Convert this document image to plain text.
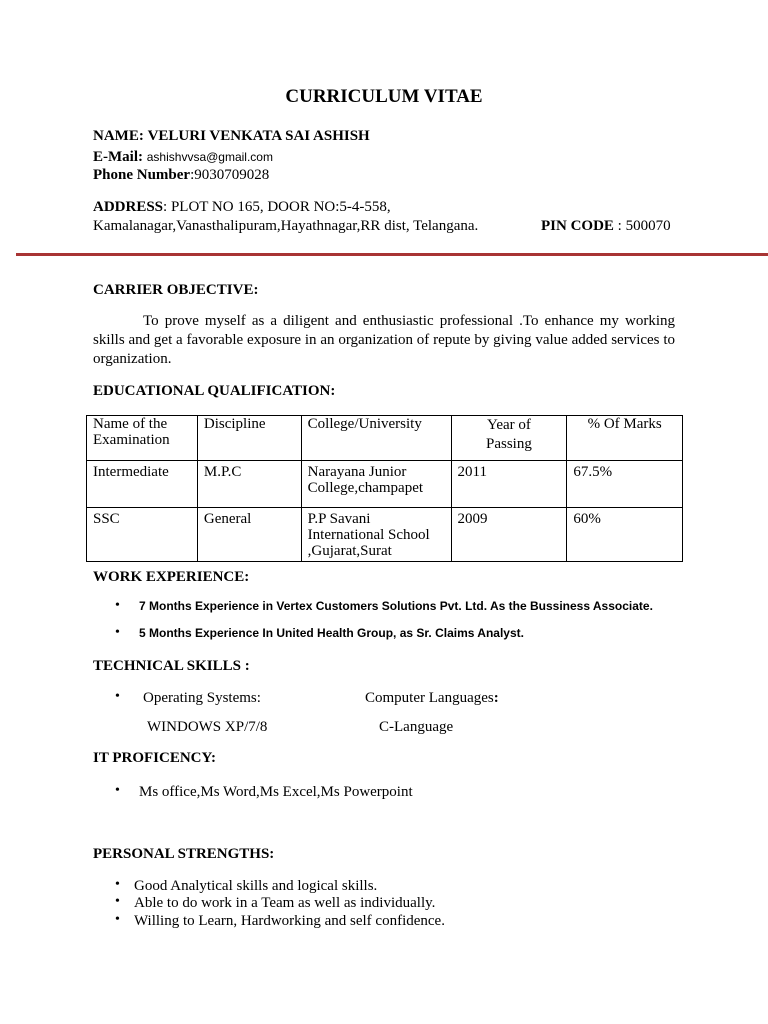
CURRICULUM VITAE
NAME: VELURI VENKATA SAI ASHISH
E-Mail: ashishvvsa@gmail.com
Phone Number:9030709028
ADDRESS: PLOT NO 165, DOOR NO:5-4-558,
Kamalanagar,Vanasthalipuram,Hayathnagar,RR dist, Telangana.	PIN CODE : 500070
CARRIER OBJECTIVE:
To prove myself as a diligent and enthusiastic professional .To enhance my working skills and get a favorable exposure in an organization of repute by giving value added services to organization.
EDUCATIONAL QUALIFICATION:
Name of the Examination	Discipline	College/University	Year of Passing	% Of Marks
Intermediate	M.P.C	Narayana Junior College,champapet	2011	67.5%
SSC	General	P.P Savani International School ,Gujarat,Surat	2009	60%
WORK EXPERIENCE:
• 7 Months Experience in Vertex Customers Solutions Pvt. Ltd. As the Bussiness Associate.
• 5 Months Experience In United Health Group, as Sr. Claims Analyst.
TECHNICAL SKILLS :
• Operating Systems:	Computer Languages:
WINDOWS XP/7/8	C-Language
IT PROFICENCY:
• Ms office,Ms Word,Ms Excel,Ms Powerpoint
PERSONAL STRENGTHS:
• Good Analytical skills and logical skills.
• Able to do work in a Team as well as individually.
• Willing to Learn, Hardworking and self confidence.
